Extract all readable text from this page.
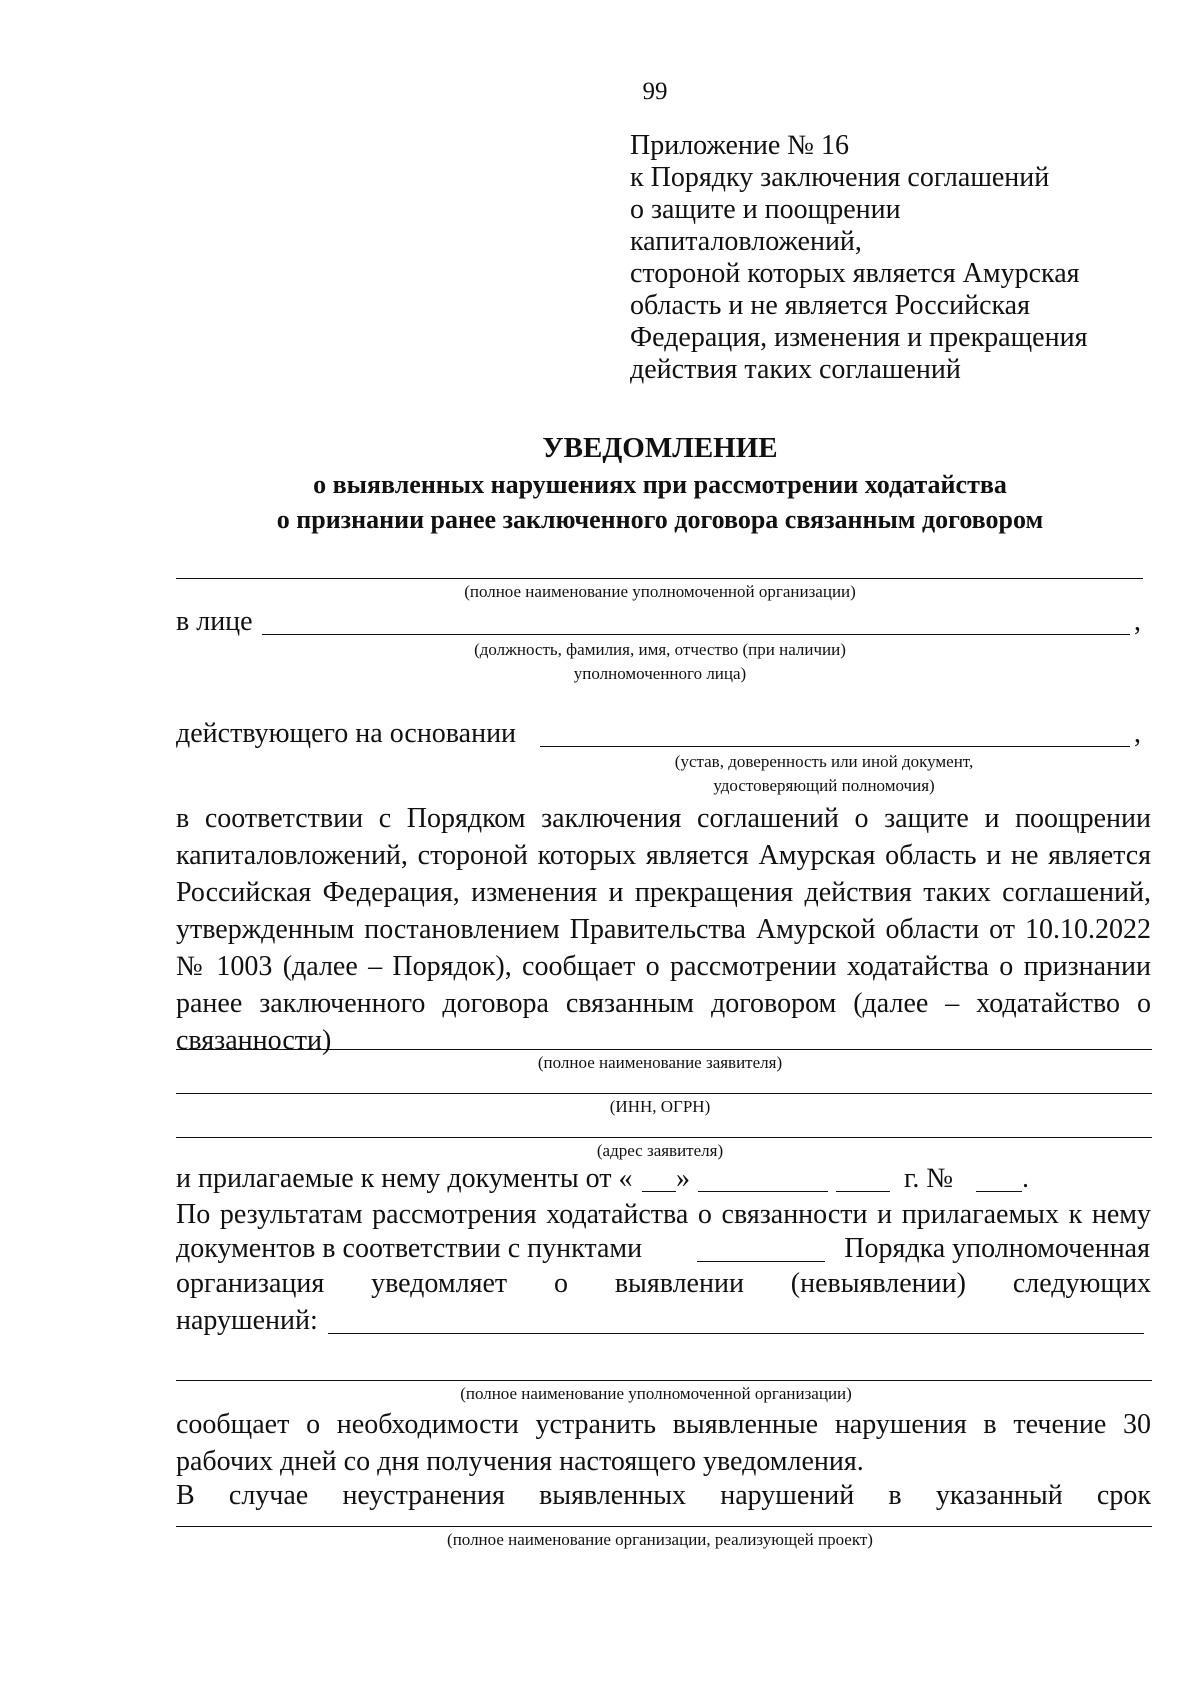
99
Приложение № 16
к Порядку заключения соглашений
о защите и поощрении
капиталовложений,
стороной которых является Амурская
область и не является Российская
Федерация, изменения и прекращения
действия таких соглашений
УВЕДОМЛЕНИЕ
о выявленных нарушениях при рассмотрении ходатайства
о признании ранее заключенного договора связанным договором
(полное наименование уполномоченной организации)
в лице	,
(должность, фамилия, имя, отчество (при наличии)
уполномоченного лица)
действующего на основании	,
(устав, доверенность или иной документ,
удостоверяющий полномочия)
в соответствии с Порядком заключения соглашений о защите и поощрении
капиталовложений, стороной которых является Амурская область и не является
Российская Федерация, изменения и прекращения действия таких соглашений,
утвержденным постановлением Правительства Амурской области от 10.10.2022
№ 1003 (далее – Порядок), сообщает о рассмотрении ходатайства о признании
ранее заключенного договора связанным договором (далее – ходатайство о
связанности)
(полное наименование заявителя)
(ИНН, ОГРН)
(адрес заявителя)
и прилагаемые к нему документы от « »	г. № .
По результатам рассмотрения ходатайства о связанности и прилагаемых к нему
документов в соответствии с пунктами	Порядка уполномоченная
организация уведомляет о выявлении (невыявлении) следующих
нарушений:
(полное наименование уполномоченной организации)
сообщает о необходимости устранить выявленные нарушения в течение 30
рабочих дней со дня получения настоящего уведомления.
В случае неустранения выявленных нарушений в указанный срок
(полное наименование организации, реализующей проект)
